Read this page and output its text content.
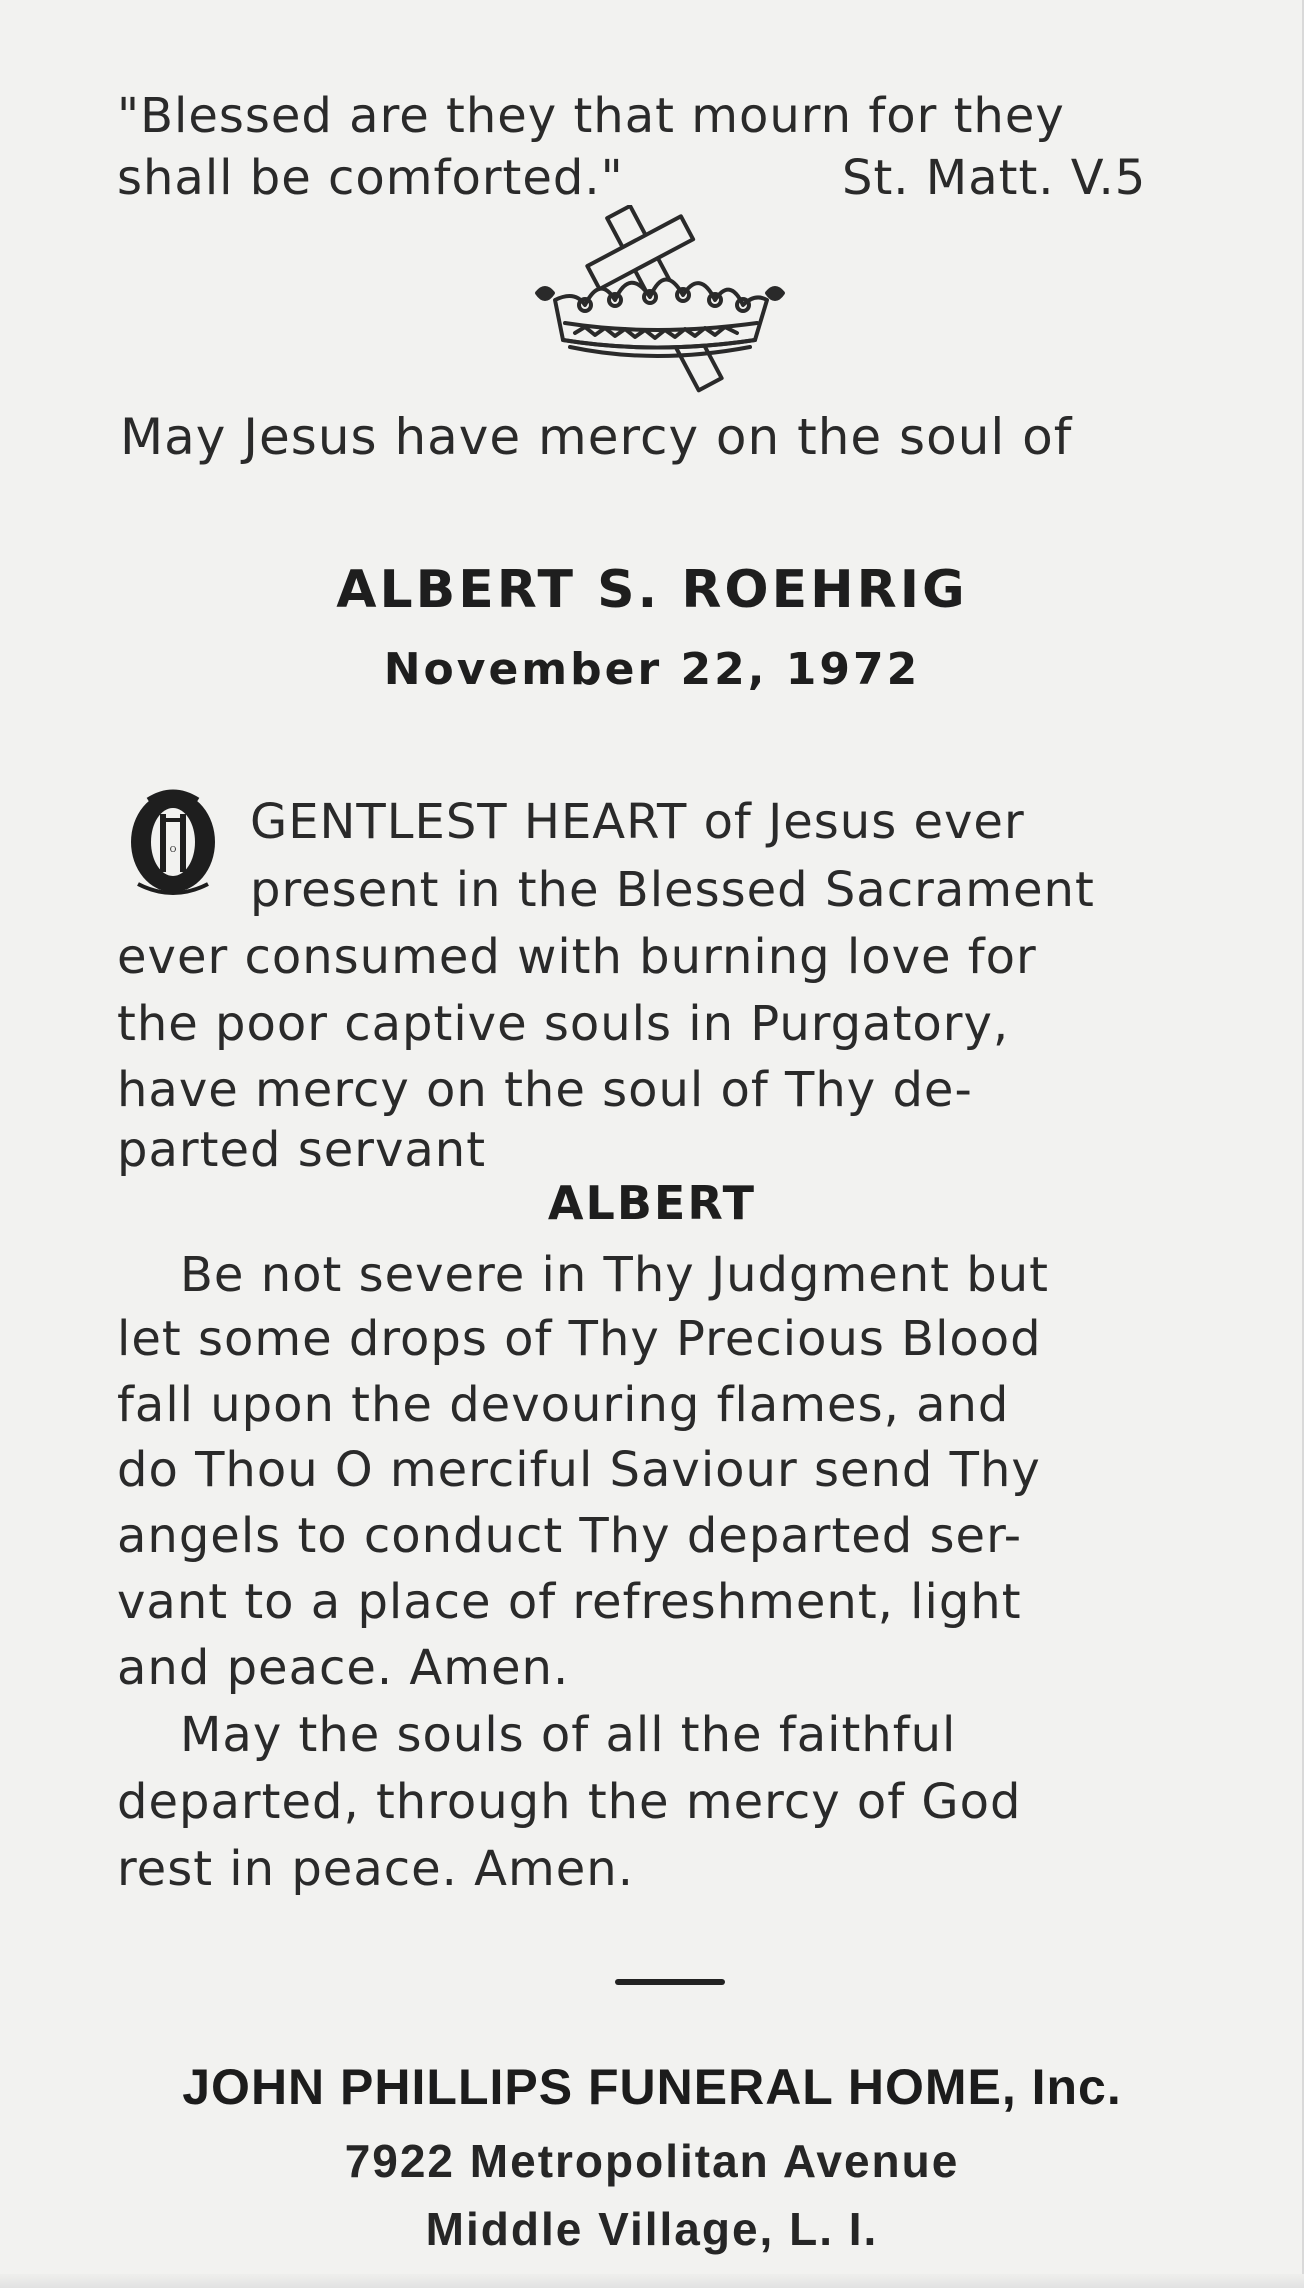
"Blessed are they that mourn for they
shall be comforted."	St. Matt. V.5
May Jesus have mercy on the soul of
ALBERT S. ROEHRIG
November 22, 1972
O GENTLEST HEART of Jesus ever
present in the Blessed Sacrament
ever consumed with burning love for
the poor captive souls in Purgatory,
have mercy on the soul of Thy de-
parted servant
ALBERT
Be not severe in Thy Judgment but
let some drops of Thy Precious Blood
fall upon the devouring flames, and
do Thou O merciful Saviour send Thy
angels to conduct Thy departed ser-
vant to a place of refreshment, light
and peace. Amen.
May the souls of all the faithful
departed, through the mercy of God
rest in peace. Amen.
JOHN PHILLIPS FUNERAL HOME, Inc.
7922 Metropolitan Avenue
Middle Village, L. I.
